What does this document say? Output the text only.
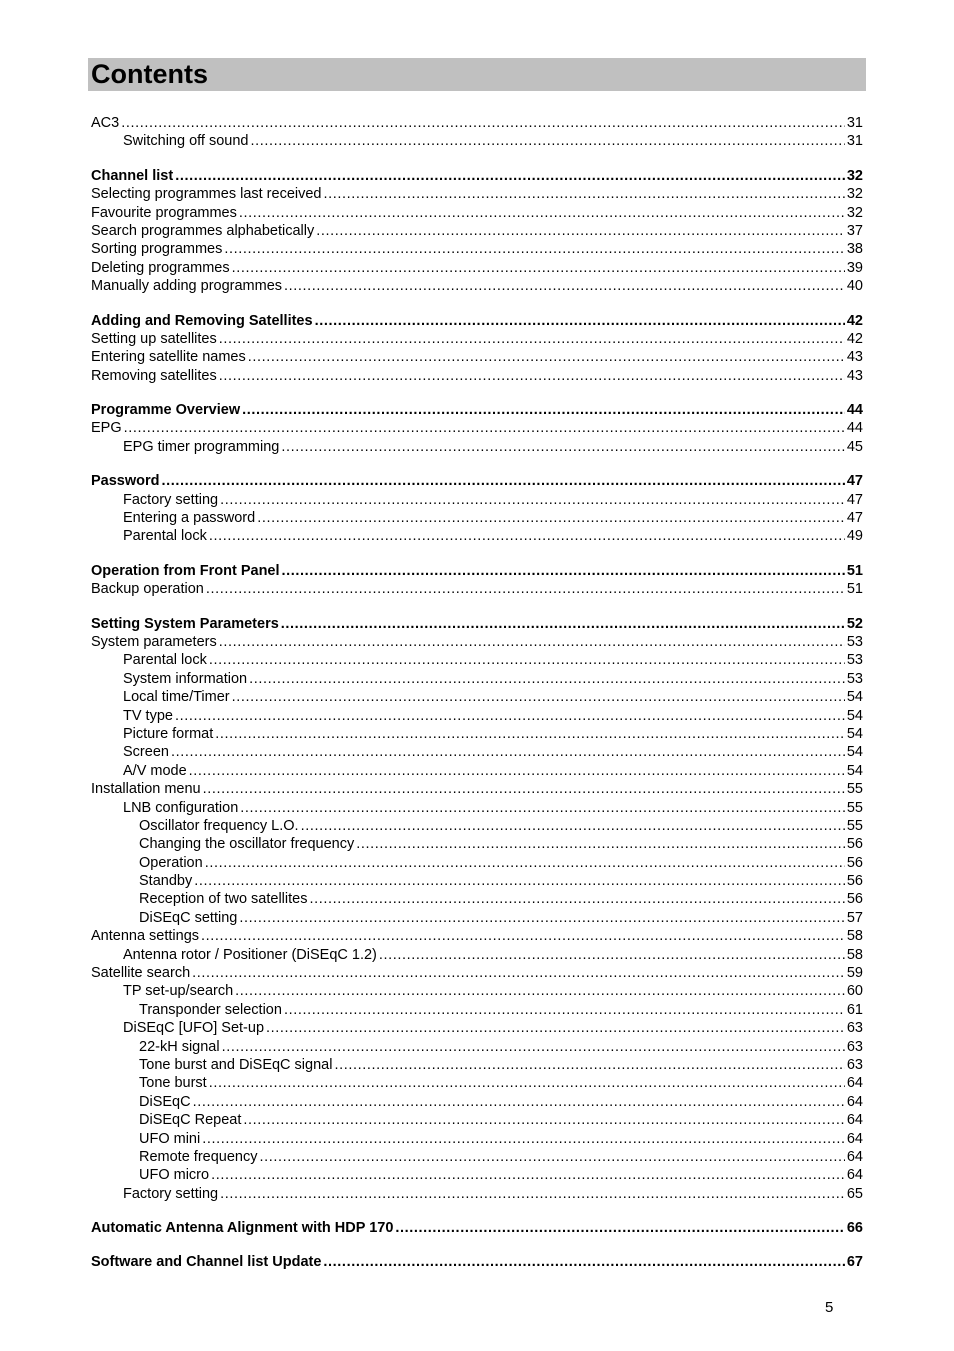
Contents
AC3 .....	31
Switching off sound .....	31
Channel list .....	32
Selecting programmes last received .....	32
Favourite programmes .....	32
Search programmes alphabetically .....	37
Sorting programmes .....	38
Deleting programmes .....	39
Manually adding programmes .....	40
Adding and Removing Satellites .....	42
Setting up satellites .....	42
Entering satellite names .....	43
Removing satellites .....	43
Programme Overview .....	44
EPG .....	44
EPG timer programming .....	45
Password .....	47
Factory setting .....	47
Entering a password .....	47
Parental lock .....	49
Operation from Front Panel .....	51
Backup operation .....	51
Setting System Parameters .....	52
System parameters .....	53
Parental lock .....	53
System information .....	53
Local time/Timer .....	54
TV type .....	54
Picture format .....	54
Screen .....	54
A/V mode .....	54
Installation menu .....	55
LNB configuration .....	55
Oscillator frequency L.O. .....	55
Changing the oscillator frequency .....	56
Operation .....	56
Standby .....	56
Reception of two satellites .....	56
DiSEqC setting .....	57
Antenna settings .....	58
Antenna rotor / Positioner (DiSEqC 1.2) .....	58
Satellite search .....	59
TP set-up/search .....	60
Transponder selection .....	61
DiSEqC [UFO] Set-up .....	63
22-kH signal .....	63
Tone burst and DiSEqC signal .....	63
Tone burst .....	64
DiSEqC .....	64
DiSEqC Repeat .....	64
UFO mini .....	64
Remote frequency .....	64
UFO micro .....	64
Factory setting .....	65
Automatic Antenna Alignment with HDP 170 .....	66
Software and Channel list Update .....	67
5
